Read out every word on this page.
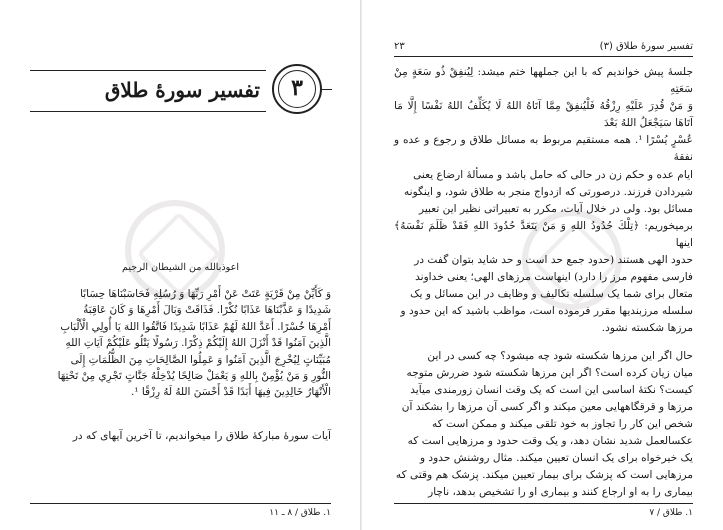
تفسیر سورهٔ طلاق	۳
اعوذبالله من الشیطان الرجیم

وَ كَأَيِّنْ مِنْ قَرْيَةٍ عَتَتْ عَنْ أَمْرِ رَبِّهَا وَ رُسُلِهِ فَحَاسَبْنَاهَا حِسَابًا

شَدِيدًا وَ عَذَّبْنَاهَا عَذَابًا نُكْرًا. فَذَاقَتْ وَبَالَ أَمْرِهَا وَ كَانَ عَاقِبَةُ

أَمْرِهَا خُسْرًا. أَعَدَّ اللهُ لَهُمْ عَذَابًا شَدِيدًا فَاتَّقُوا اللهَ يَا أُولِي الْأَلْبَابِ

الَّذِينَ آمَنُوا قَدْ أَنْزَلَ اللهُ إِلَيْكُمْ ذِكْرًا. رَسُولًا يَتْلُو عَلَيْكُمْ آيَاتِ اللهِ

مُبَيِّنَاتٍ لِيُخْرِجَ الَّذِينَ آمَنُوا وَ عَمِلُوا الصَّالِحَاتِ مِنَ الظُّلُمَاتِ إِلَى

النُّورِ وَ مَنْ يُؤْمِنْ بِاللهِ وَ يَعْمَلْ صَالِحًا يُدْخِلْهُ جَنَّاتٍ تَجْرِي مِنْ تَحْتِهَا

الْأَنْهَارُ خَالِدِينَ فِيهَا أَبَدًا قَدْ أَحْسَنَ اللهُ لَهُ رِزْقًا ¹.

آیات سورهٔ مبارکهٔ طلاق را میخواندیم، تا آخرین آیهای که در

۱. طلاق / ۸ ـ ۱۱
۲۳	تفسیر سورهٔ طلاق (۳)

جلسهٔ پیش خواندیم که با این جملهها ختم میشد: لِيُنفِقْ ذُو سَعَةٍ مِنْ سَعَتِهِ

وَ مَنْ قُدِرَ عَلَيْهِ رِزْقُهُ فَلْيُنفِقْ مِمَّا آتَاهُ اللهُ لَا يُكَلِّفُ اللهُ نَفْسًا إِلَّا مَا آتَاهَا سَيَجْعَلُ اللهُ بَعْدَ

عُسْرٍ يُسْرًا ¹. همه مستقیم مربوط به مسائل طلاق و رجوع و عده و نفقهٔ

ایام عده و حکم زن در حالی که حامل باشد و مسألهٔ ارضاع یعنی

شیردادن فرزند. درصورتی که ازدواج منجر به طلاق شود، و اینگونه

مسائل بود. ولی در خلال آیات، مکرر به تعبیراتی نظیر این تعبیر

برمیخوریم: ﴿تِلْكَ حُدُودُ اللهِ وَ مَنْ يَتَعَدَّ حُدُودَ اللهِ فَقَدْ ظَلَمَ نَفْسَهُ﴾ اینها

حدود الهی هستند (حدود جمع حد است و حد شاید بتوان گفت در

فارسی مفهوم مرز را دارد) اینهاست مرزهای الهی؛ یعنی خداوند

متعال برای شما یک سلسله تکالیف و وظایف در این مسائل و یک

سلسله مرزبندیها مقرر فرموده است، مواظب باشید که این حدود و

مرزها شکسته نشود.

حال اگر این مرزها شکسته شود چه میشود؟ چه کسی در این

میان زیان کرده است؟ اگر این مرزها شکسته شود ضررش متوجه

کیست؟ نکتهٔ اساسی این است که یک وقت انسان زورمندی میآید

مرزها و قرقگاههایی معین میکند و اگر کسی آن مرزها را بشکند آن

شخص این کار را تجاوز به خود تلقی میکند و ممکن است که

عکسالعمل شدید نشان دهد، و یک وقت حدود و مرزهایی است که

یک خیرخواه برای یک انسان تعیین میکند. مثال روشنش حدود و

مرزهایی است که پزشک برای بیمار تعیین میکند. پزشک هم وقتی که

بیماری را به او ارجاع کنند و بیماری او را تشخیص بدهد، ناچار

۱. طلاق / ۷
